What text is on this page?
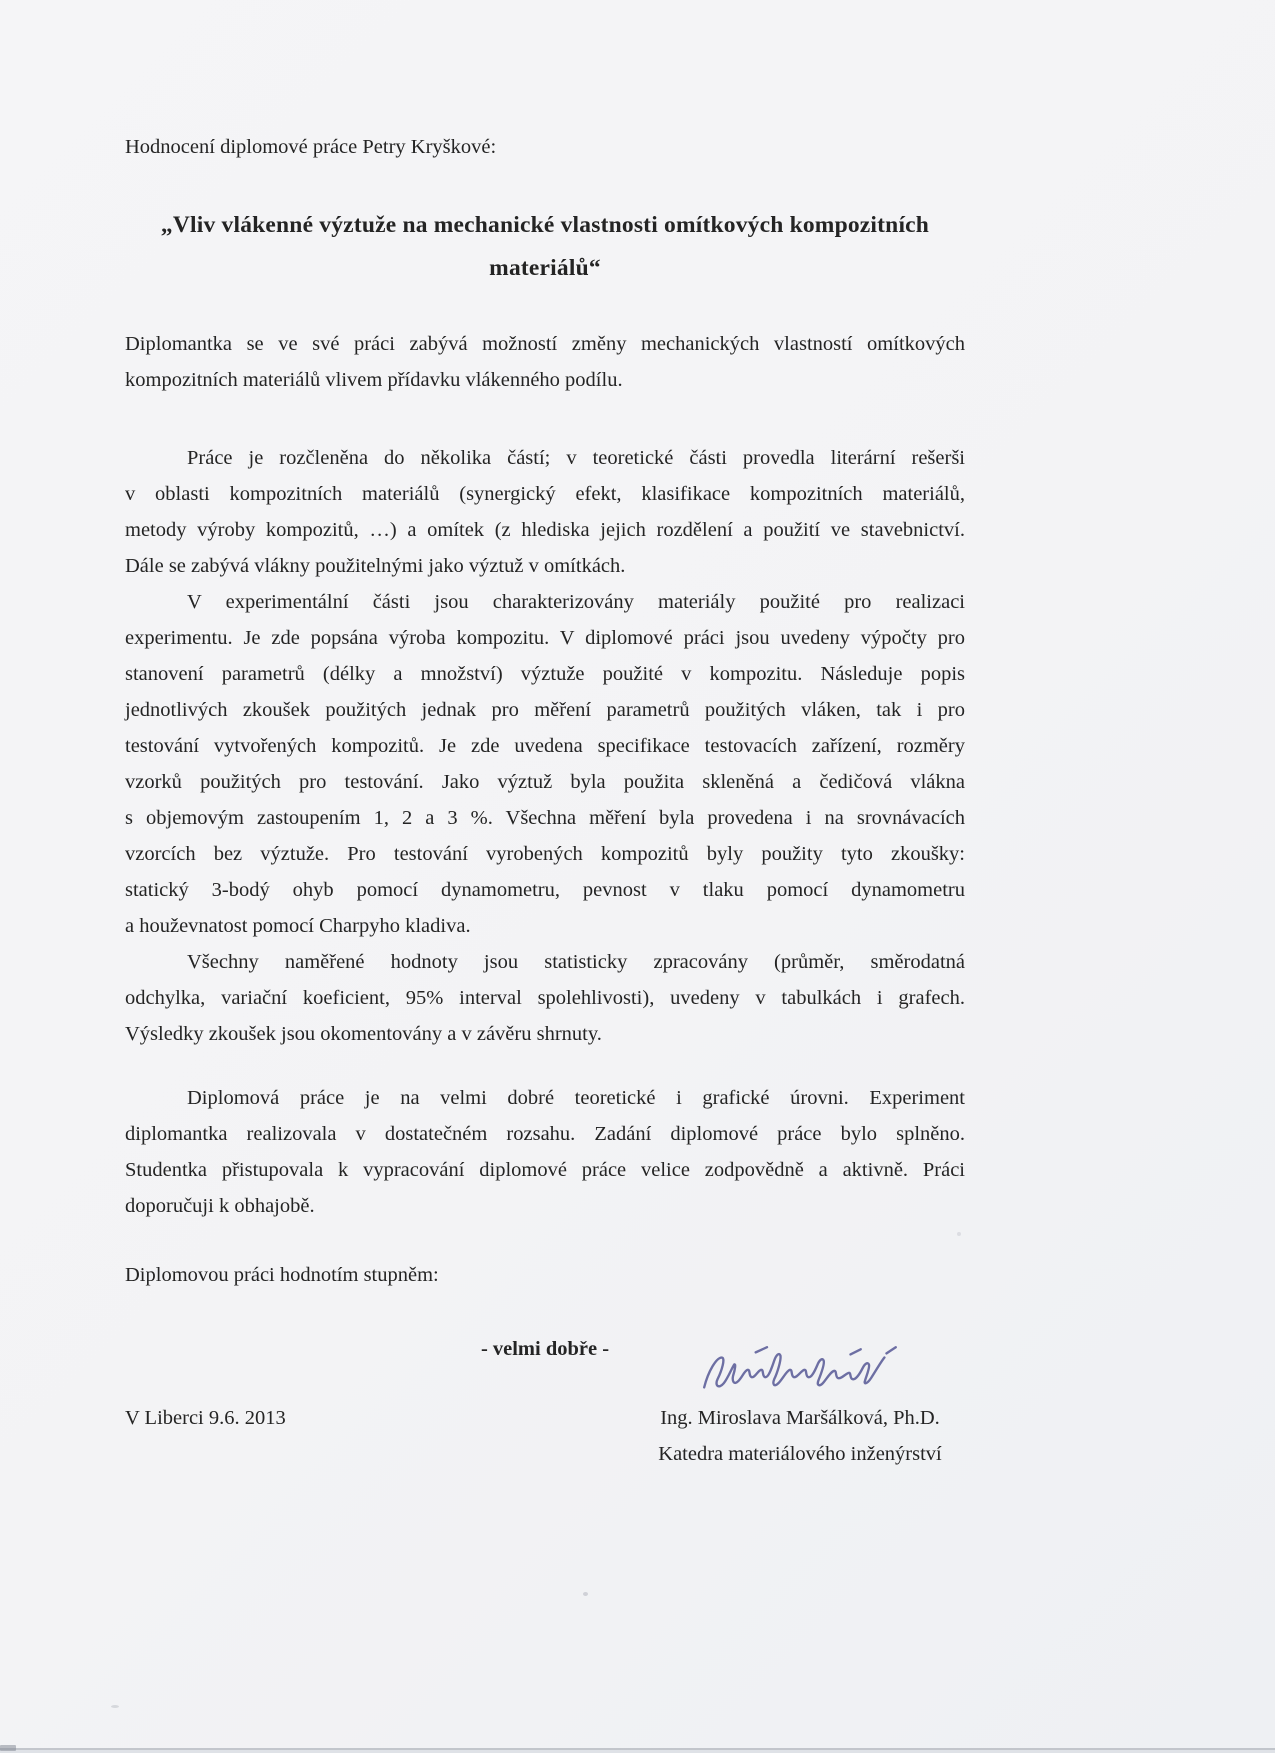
Hodnocení diplomové práce Petry Kryškové:
„Vliv vlákenné výztuže na mechanické vlastnosti omítkových kompozitních
materiálů“
Diplomantka se ve své práci zabývá možností změny mechanických vlastností omítkových
kompozitních materiálů vlivem přídavku vlákenného podílu.
Práce je rozčleněna do několika částí; v teoretické části provedla literární rešerši
v oblasti kompozitních materiálů (synergický efekt, klasifikace kompozitních materiálů,
metody výroby kompozitů, …) a omítek (z hlediska jejich rozdělení a použití ve stavebnictví.
Dále se zabývá vlákny použitelnými jako výztuž v omítkách.
V experimentální části jsou charakterizovány materiály použité pro realizaci
experimentu. Je zde popsána výroba kompozitu. V diplomové práci jsou uvedeny výpočty pro
stanovení parametrů (délky a množství) výztuže použité v kompozitu. Následuje popis
jednotlivých zkoušek použitých jednak pro měření parametrů použitých vláken, tak i pro
testování vytvořených kompozitů. Je zde uvedena specifikace testovacích zařízení, rozměry
vzorků použitých pro testování. Jako výztuž byla použita skleněná a čedičová vlákna
s objemovým zastoupením 1, 2 a 3 %. Všechna měření byla provedena i na srovnávacích
vzorcích bez výztuže. Pro testování vyrobených kompozitů byly použity tyto zkoušky:
statický 3-bodý ohyb pomocí dynamometru, pevnost v tlaku pomocí dynamometru
a houževnatost pomocí Charpyho kladiva.
Všechny naměřené hodnoty jsou statisticky zpracovány (průměr, směrodatná
odchylka, variační koeficient, 95% interval spolehlivosti), uvedeny v tabulkách i grafech.
Výsledky zkoušek jsou okomentovány a v závěru shrnuty.
Diplomová práce je na velmi dobré teoretické i grafické úrovni. Experiment
diplomantka realizovala v dostatečném rozsahu. Zadání diplomové práce bylo splněno.
Studentka přistupovala k vypracování diplomové práce velice zodpovědně a aktivně. Práci
doporučuji k obhajobě.
Diplomovou práci hodnotím stupněm:
- velmi dobře -
V Liberci 9.6. 2013	Ing. Miroslava Maršálková, Ph.D.
Katedra materiálového inženýrství
